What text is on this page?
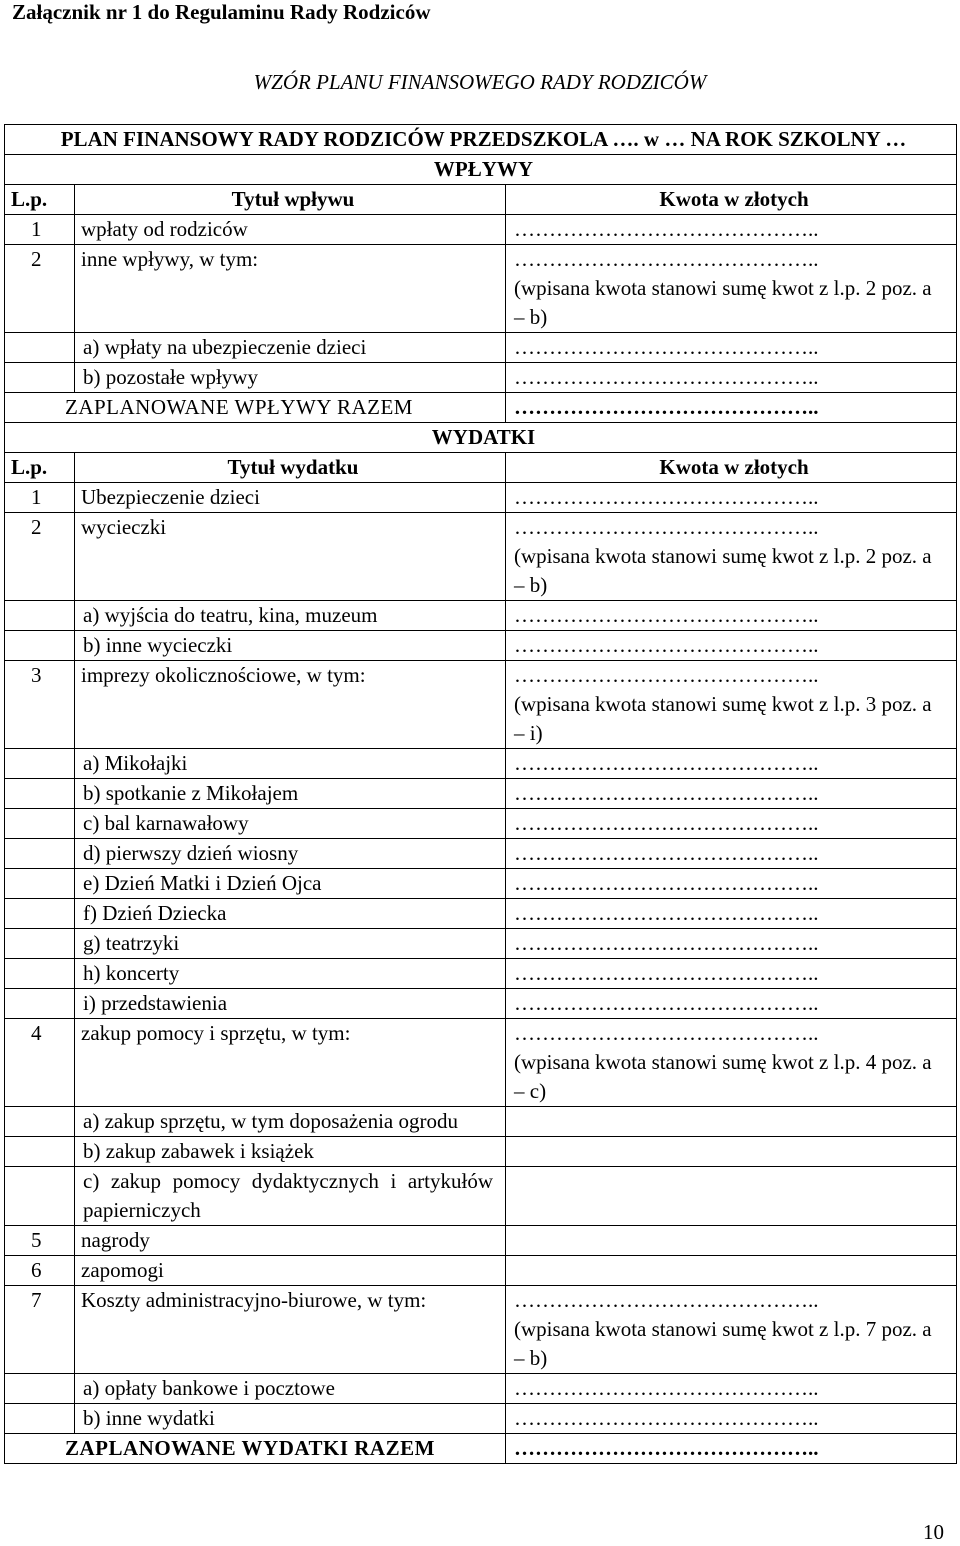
Załącznik nr 1 do Regulaminu Rady Rodziców
WZÓR PLANU FINANSOWEGO RADY RODZICÓW
PLAN FINANSOWY RADY RODZICÓW PRZEDSZKOLA …. w … NA ROK SZKOLNY …		
WPŁYWY		
L.p.	Tytuł wpływu	Kwota w złotych
1	wpłaty od rodziców	……………………………………..
2	inne wpływy, w tym:	……………………………………..
(wpisana kwota stanowi sumę kwot z l.p. 2 poz. a – b)
	a) wpłaty na ubezpieczenie dzieci	……………………………………..
	b) pozostałe wpływy	……………………………………..
ZAPLANOWANE WPŁYWY RAZEM		……………………………………..
WYDATKI		
L.p.	Tytuł wydatku	Kwota w złotych
1	Ubezpieczenie dzieci	……………………………………..
2	wycieczki	……………………………………..
(wpisana kwota stanowi sumę kwot z l.p. 2 poz. a – b)
	a) wyjścia do teatru, kina, muzeum	……………………………………..
	b) inne wycieczki	……………………………………..
3	imprezy okolicznościowe, w tym:	……………………………………..
(wpisana kwota stanowi sumę kwot z l.p. 3 poz. a – i)
	a) Mikołajki	……………………………………..
	b) spotkanie z Mikołajem	……………………………………..
	c) bal karnawałowy	……………………………………..
	d) pierwszy dzień wiosny	……………………………………..
	e) Dzień Matki i Dzień Ojca	……………………………………..
	f) Dzień Dziecka	……………………………………..
	g) teatrzyki	……………………………………..
	h) koncerty	……………………………………..
	i) przedstawienia	……………………………………..
4	zakup pomocy i sprzętu, w tym:	……………………………………..
(wpisana kwota stanowi sumę kwot z l.p. 4 poz. a – c)
	a) zakup sprzętu, w tym doposażenia ogrodu	
	b) zakup zabawek i książek	
	c) zakup pomocy dydaktycznych i artykułów papierniczych	
5	nagrody	
6	zapomogi	
7	Koszty administracyjno-biurowe, w tym:	……………………………………..
(wpisana kwota stanowi sumę kwot z l.p. 7 poz. a – b)
	a) opłaty bankowe i pocztowe	……………………………………..
	b) inne wydatki	……………………………………..
ZAPLANOWANE WYDATKI RAZEM		……………………………………..
10
